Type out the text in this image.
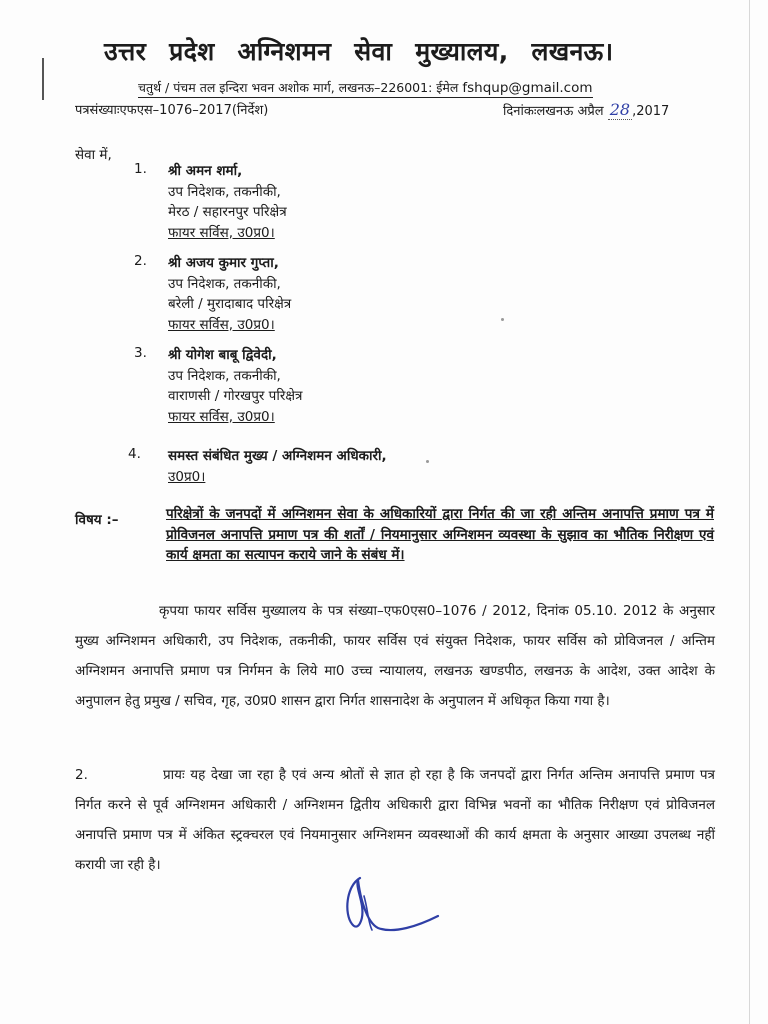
उत्तर प्रदेश अग्निशमन सेवा मुख्यालय, लखनऊ।
चतुर्थ / पंचम तल इन्दिरा भवन अशोक मार्ग, लखनऊ–226001: ईमेल fshqup@gmail.com
पत्रसंख्याःएफएस–1076–2017(निर्देश)	दिनांकःलखनऊ अप्रैल 28 ,2017
सेवा में,
1. श्री अमन शर्मा,
उप निदेशक, तकनीकी,
मेरठ / सहारनपुर परिक्षेत्र
फायर सर्विस, उ0प्र0।
2. श्री अजय कुमार गुप्ता,
उप निदेशक, तकनीकी,
बरेली / मुरादाबाद परिक्षेत्र
फायर सर्विस, उ0प्र0।
3. श्री योगेश बाबू द्विवेदी,
उप निदेशक, तकनीकी,
वाराणसी / गोरखपुर परिक्षेत्र
फायर सर्विस, उ0प्र0।
4. समस्त संबंधित मुख्य / अग्निशमन अधिकारी,
उ0प्र0।
विषय :–	परिक्षेत्रों के जनपदों में अग्निशमन सेवा के अधिकारियों द्वारा निर्गत की जा रही अन्तिम अनापत्ति प्रमाण पत्र में प्रोविजनल अनापत्ति प्रमाण पत्र की शर्तों / नियमानुसार अग्निशमन व्यवस्था के सुझाव का भौतिक निरीक्षण एवं कार्य क्षमता का सत्यापन कराये जाने के संबंध में।
कृपया फायर सर्विस मुख्यालय के पत्र संख्या–एफ0एस0–1076 / 2012, दिनांक 05.10. 2012 के अनुसार मुख्य अग्निशमन अधिकारी, उप निदेशक, तकनीकी, फायर सर्विस एवं संयुक्त निदेशक, फायर सर्विस को प्रोविजनल / अन्तिम अग्निशमन अनापत्ति प्रमाण पत्र निर्गमन के लिये मा0 उच्च न्यायालय, लखनऊ खण्डपीठ, लखनऊ के आदेश, उक्त आदेश के अनुपालन हेतु प्रमुख / सचिव, गृह, उ0प्र0 शासन द्वारा निर्गत शासनादेश के अनुपालन में अधिकृत किया गया है।
2.	प्रायः यह देखा जा रहा है एवं अन्य श्रोतों से ज्ञात हो रहा है कि जनपदों द्वारा निर्गत अन्तिम अनापत्ति प्रमाण पत्र निर्गत करने से पूर्व अग्निशमन अधिकारी / अग्निशमन द्वितीय अधिकारी द्वारा विभिन्न भवनों का भौतिक निरीक्षण एवं प्रोविजनल अनापत्ति प्रमाण पत्र में अंकित स्ट्रक्चरल एवं नियमानुसार अग्निशमन व्यवस्थाओं की कार्य क्षमता के अनुसार आख्या उपलब्ध नहीं करायी जा रही है।
